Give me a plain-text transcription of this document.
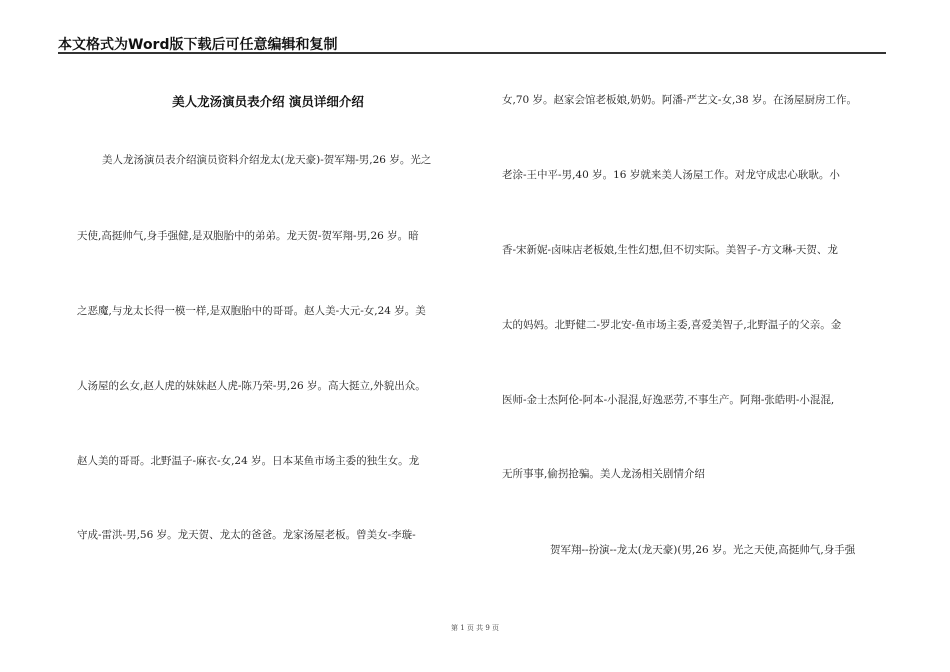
本文格式为Word版下载后可任意编辑和复制
美人龙汤演员表介绍 演员详细介绍
美人龙汤演员表介绍演员资料介绍龙太(龙天豪)-贺军翔-男,26 岁。光之
天使,高挺帅气,身手强健,是双胞胎中的弟弟。龙天贺-贺军翔-男,26 岁。暗
之恶魔,与龙太长得一模一样,是双胞胎中的哥哥。赵人美-大元-女,24 岁。美
人汤屋的幺女,赵人虎的妹妹赵人虎-陈乃荣-男,26 岁。高大挺立,外貌出众。
赵人美的哥哥。北野温子-麻衣-女,24 岁。日本某鱼市场主委的独生女。龙
守成-雷洪-男,56 岁。龙天贺、龙太的爸爸。龙家汤屋老板。曾美女-李璇-
女,70 岁。赵家会馆老板娘,奶奶。阿潘-严艺文-女,38 岁。在汤屋厨房工作。
老涂-王中平-男,40 岁。16 岁就来美人汤屋工作。对龙守成忠心耿耿。小
香-宋新妮-卤味店老板娘,生性幻想,但不切实际。美智子-方文琳-天贺、龙
太的妈妈。北野健二-罗北安-鱼市场主委,喜爱美智子,北野温子的父亲。金
医师-金士杰阿伦-阿本-小混混,好逸恶劳,不事生产。阿翔-张皓明-小混混,
无所事事,偷拐抢骗。美人龙汤相关剧情介绍
贺军翔--扮演--龙太(龙天豪)(男,26 岁。光之天使,高挺帅气,身手强
第 1 页 共 9 页
